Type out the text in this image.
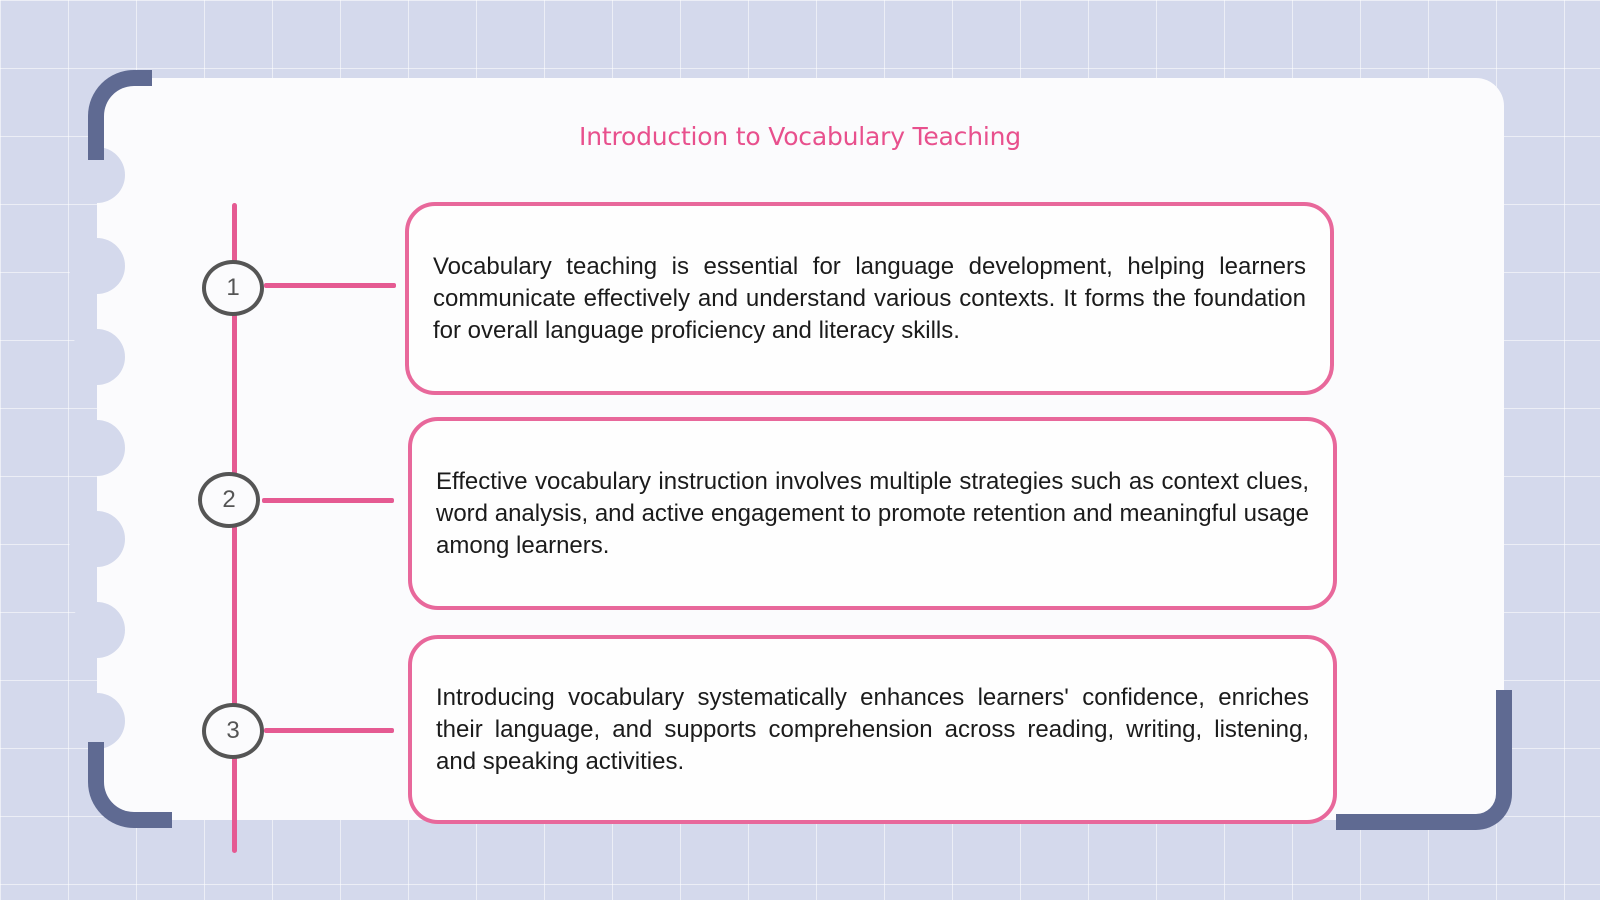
Introduction to Vocabulary Teaching
1
2
3

Vocabulary teaching is essential for language development, helping learners communicate effectively and understand various contexts. It forms the foundation for overall language proficiency and literacy skills.

Effective vocabulary instruction involves multiple strategies such as context clues, word analysis, and active engagement to promote retention and meaningful usage among learners.

Introducing vocabulary systematically enhances learners' confidence, enriches their language, and supports comprehension across reading, writing, listening, and speaking activities.
